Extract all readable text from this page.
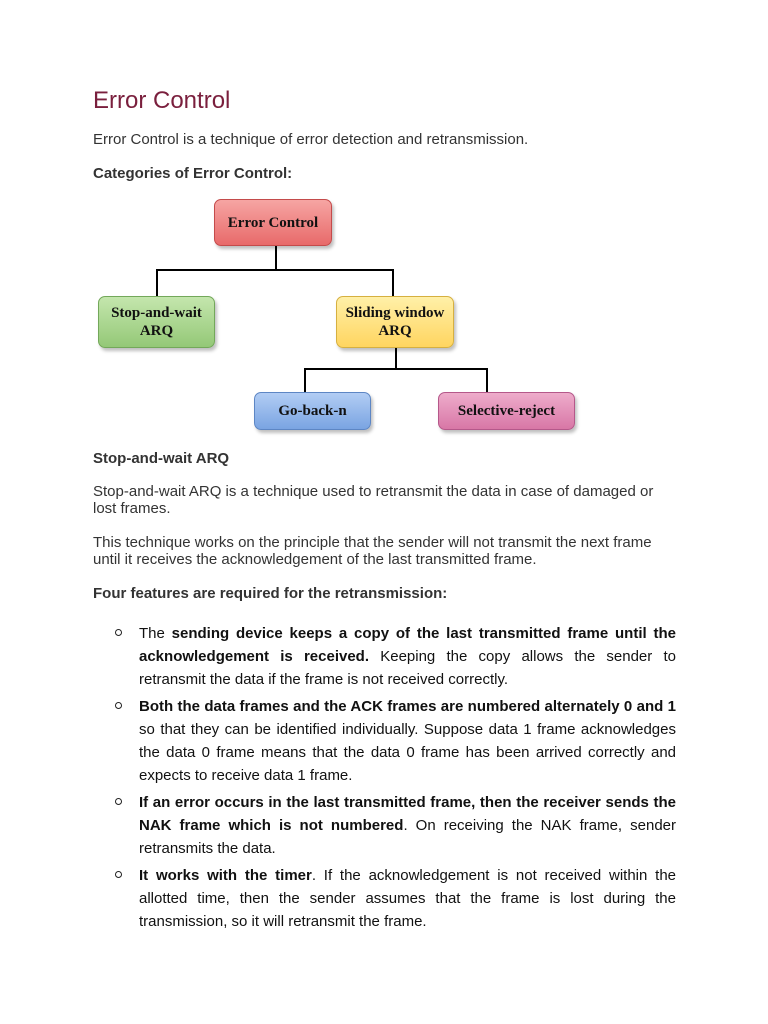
Error Control

Error Control is a technique of error detection and retransmission.

Categories of Error Control:

Error Control
Stop-and-wait ARQ
Sliding window ARQ
Go-back-n	Selective-reject

Stop-and-wait ARQ

Stop-and-wait ARQ is a technique used to retransmit the data in case of damaged or lost frames.

This technique works on the principle that the sender will not transmit the next frame until it receives the acknowledgement of the last transmitted frame.

Four features are required for the retransmission:

The sending device keeps a copy of the last transmitted frame until the acknowledgement is received. Keeping the copy allows the sender to retransmit the data if the frame is not received correctly.
Both the data frames and the ACK frames are numbered alternately 0 and 1 so that they can be identified individually. Suppose data 1 frame acknowledges the data 0 frame means that the data 0 frame has been arrived correctly and expects to receive data 1 frame.
If an error occurs in the last transmitted frame, then the receiver sends the NAK frame which is not numbered. On receiving the NAK frame, sender retransmits the data.
It works with the timer. If the acknowledgement is not received within the allotted time, then the sender assumes that the frame is lost during the transmission, so it will retransmit the frame.
